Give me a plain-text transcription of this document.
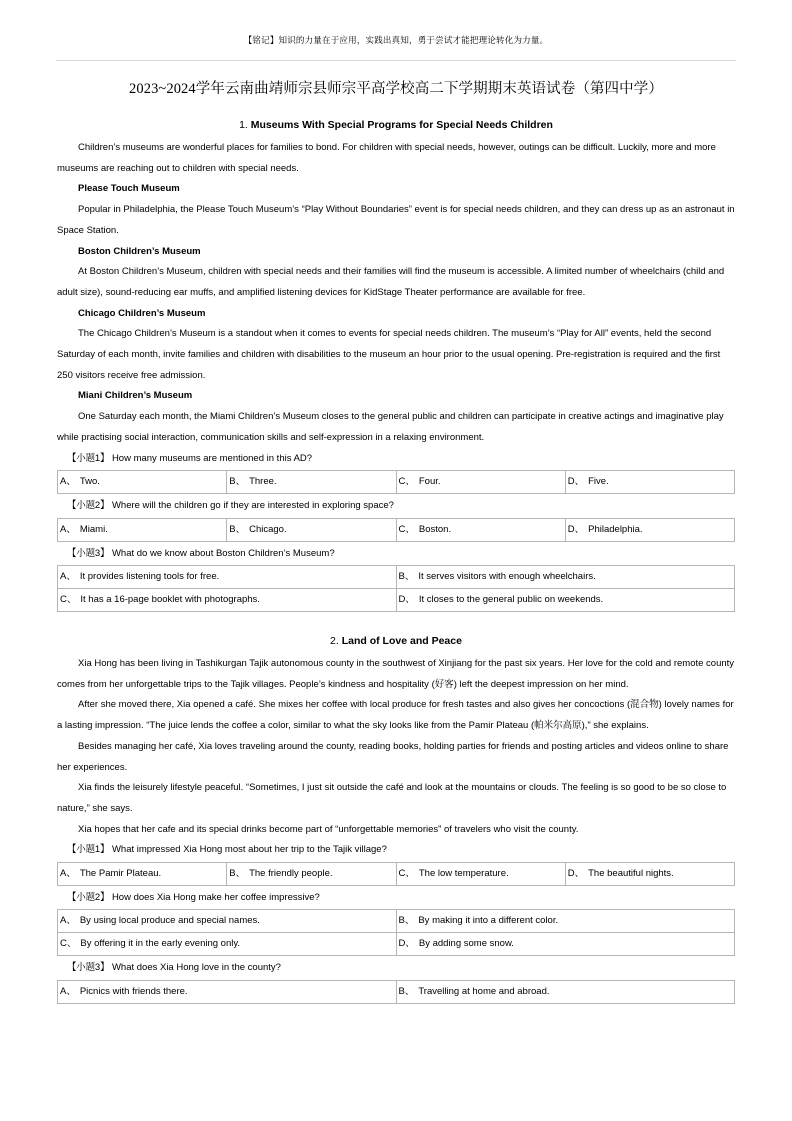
【铭记】知识的力量在于应用，实践出真知，勇于尝试才能把理论转化为力量。
2023~2024学年云南曲靖师宗县师宗平高学校高二下学期期末英语试卷（第四中学）
1. Museums With Special Programs for Special Needs Children

Children’s museums are wonderful places for families to bond. For children with special needs, however, outings can be difficult. Luckily, more and more museums are reaching out to children with special needs.

Please Touch Museum

Popular in Philadelphia, the Please Touch Museum’s “Play Without Boundaries” event is for special needs children, and they can dress up as an astronaut in Space Station.

Boston Children’s Museum

At Boston Children’s Museum, children with special needs and their families will find the museum is accessible. A limited number of wheelchairs (child and adult size), sound-reducing ear muffs, and amplified listening devices for KidStage Theater performance are available for free.

Chicago Children’s Museum

The Chicago Children’s Museum is a standout when it comes to events for special needs children. The museum’s “Play for All” events, held the second Saturday of each month, invite families and children with disabilities to the museum an hour prior to the usual opening. Pre-registration is required and the first 250 visitors receive free admission.

Miani Children’s Museum

One Saturday each month, the Miami Children’s Museum closes to the general public and children can participate in creative actings and imaginative play while practising social interaction, communication skills and self-expression in a relaxing environment.

【小题1】 How many museums are mentioned in this AD?

A、 Two.	B、 Three.	C、 Four.	D、 Five.

【小题2】 Where will the children go if they are interested in exploring space?

A、 Miami.	B、 Chicago.	C、 Boston.	D、 Philadelphia.

【小题3】 What do we know about Boston Children’s Museum?

A、 It provides listening tools for free.	B、 It serves visitors with enough wheelchairs.
C、 It has a 16-page booklet with photographs.	D、 It closes to the general public on weekends.
2. Land of Love and Peace

Xia Hong has been living in Tashikurgan Tajik autonomous county in the southwest of Xinjiang for the past six years. Her love for the cold and remote county comes from her unforgettable trips to the Tajik villages. People’s kindness and hospitality (好客) left the deepest impression on her mind.

After she moved there, Xia opened a café. She mixes her coffee with local produce for fresh tastes and also gives her concoctions (混合物) lovely names for a lasting impression. “The juice lends the coffee a color, similar to what the sky looks like from the Pamir Plateau (帕米尔高原),” she explains.

Besides managing her café, Xia loves traveling around the county, reading books, holding parties for friends and posting articles and videos online to share her experiences.

Xia finds the leisurely lifestyle peaceful. “Sometimes, I just sit outside the café and look at the mountains or clouds. The feeling is so good to be so close to nature,” she says.

Xia hopes that her cafe and its special drinks become part of “unforgettable memories” of travelers who visit the county.

【小题1】 What impressed Xia Hong most about her trip to the Tajik village?

A、 The Pamir Plateau.	B、 The friendly people.	C、 The low temperature.	D、 The beautiful nights.

【小题2】 How does Xia Hong make her coffee impressive?

A、 By using local produce and special names.	B、 By making it into a different color.
C、 By offering it in the early evening only.	D、 By adding some snow.

【小题3】 What does Xia Hong love in the county?

A、 Picnics with friends there.	B、 Travelling at home and abroad.
